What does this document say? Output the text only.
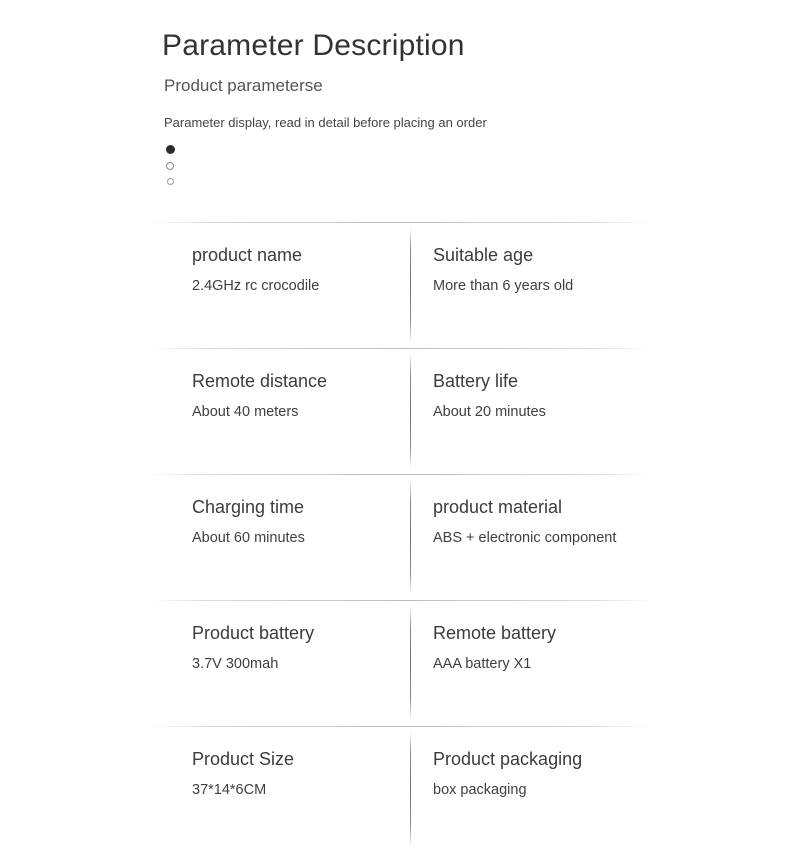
Parameter Description
Product parameterse
Parameter display, read in detail before placing an order
product name
2.4GHz rc crocodile
Suitable age
More than 6 years old
Remote distance
About 40 meters
Battery life
About 20 minutes
Charging time
About 60 minutes
product material
ABS + electronic component
Product battery
3.7V 300mah
Remote battery
AAA battery X1
Product Size
37*14*6CM
Product packaging
box packaging
